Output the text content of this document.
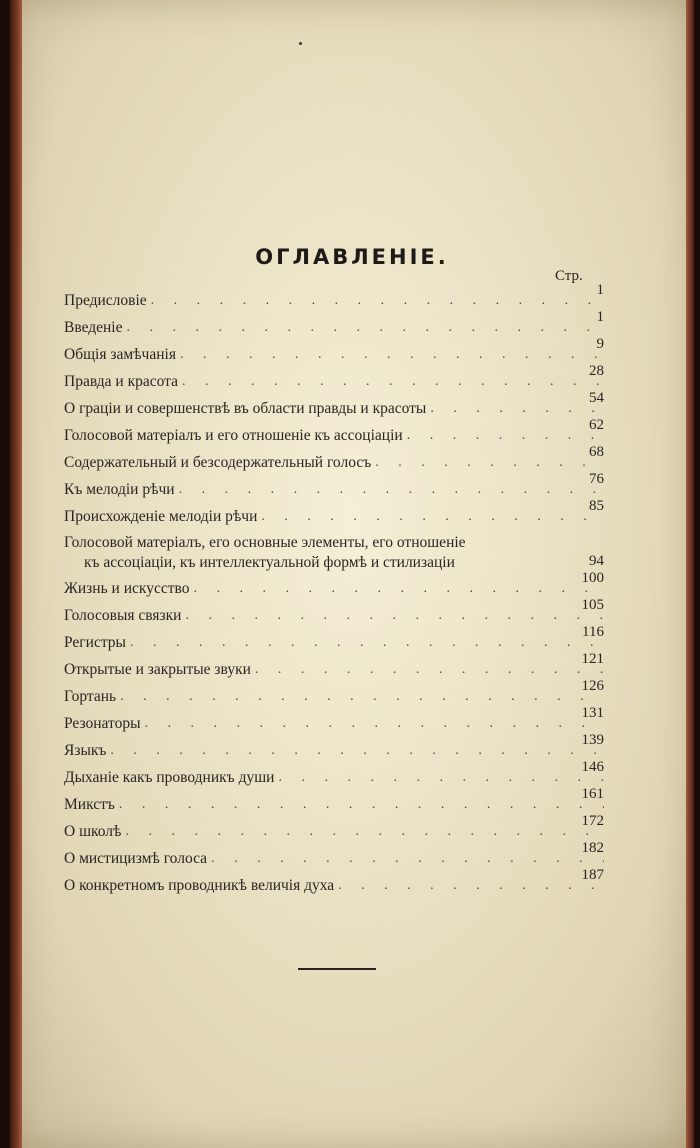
ОГЛАВЛЕНІЕ.
Стр.
Предисловіе
. . .
1
Введеніе
. . .
1
Общія замѣчанія
. . .
9
Правда и красота
. . .
28
О граціи и совершенствѣ въ области правды и красоты
. . .
54
Голосовой матеріалъ и его отношеніе къ ассоціаціи
. . .
62
Содержательный и безсодержательный голосъ
. . .
68
Къ мелодіи рѣчи
. . .
76
Происхожденіе мелодіи рѣчи
. . .
85
Голосовой матеріалъ, его основные элементы, его отношеніе
къ ассоціаціи, къ интеллектуальной формѣ и стилизаціи	94
Жизнь и искусство
. . .
100
Голосовыя связки
. . .
105
Регистры
. . .
116
Открытые и закрытые звуки
. . .
121
Гортань
. . .
126
Резонаторы
. . .
131
Языкъ
. . .
139
Дыханіе какъ проводникъ души
. . .
146
Микстъ
. . .
161
О школѣ
. . .
172
О мистицизмѣ голоса
. . .
182
О конкретномъ проводникѣ величія духа
. . .
187
